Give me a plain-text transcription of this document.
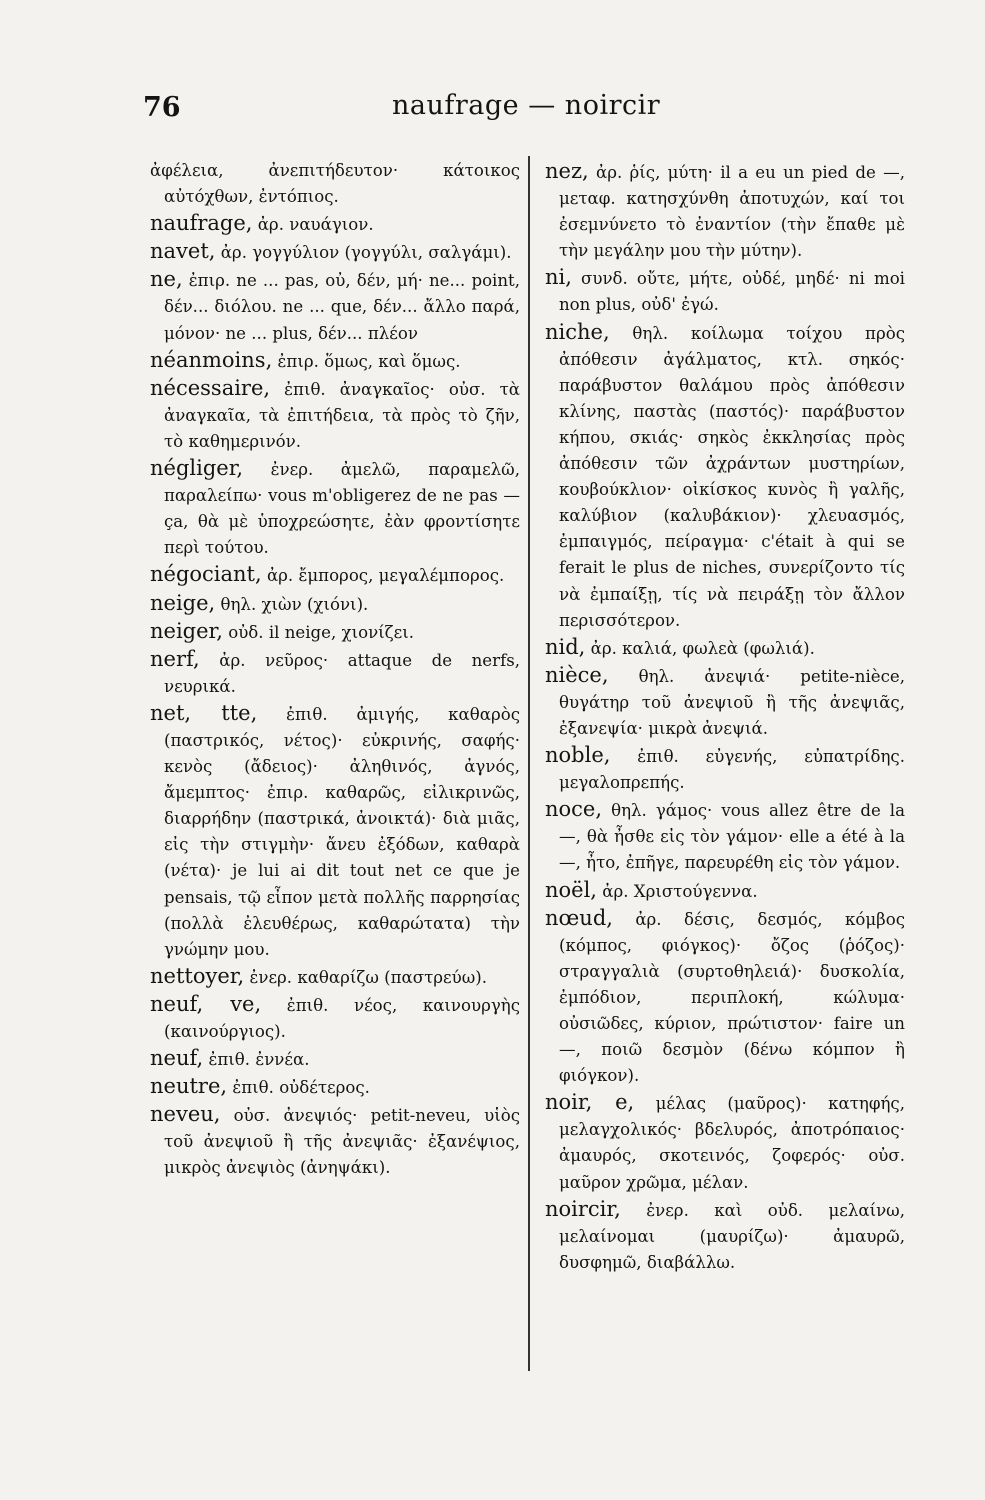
76	naufrage — noircir
ἀφέλεια, ἀνεπιτήδευτον· κάτοικος αὐτόχθων, ἐντόπιος.
naufrage, ἀρ. ναυάγιον.
navet, ἀρ. γογγύλιον (γογγύλι, σαλγάμι).
ne, ἐπιρ. ne ... pas, οὐ, δέν, μή· ne... point, δέν... διόλου. ne ... que, δέν... ἄλλο παρά, μόνον· ne ... plus, δέν... πλέον
néanmoins, ἐπιρ. ὅμως, καὶ ὅμως.
nécessaire, ἐπιθ. ἀναγκαῖος· οὐσ. τὰ ἀναγκαῖα, τὰ ἐπιτήδεια, τὰ πρὸς τὸ ζῆν, τὸ καθημερινόν.
négliger, ἐνερ. ἀμελῶ, παραμελῶ, παραλείπω· vous m'obligerez de ne pas — ça, θὰ μὲ ὑποχρεώσητε, ἐὰν φροντίσητε περὶ τούτου.
négociant, ἀρ. ἔμπορος, μεγαλέμπορος.
neige, θηλ. χιὼν (χιόνι).
neiger, οὐδ. il neige, χιονίζει.
nerf, ἀρ. νεῦρος· attaque de nerfs, νευρικά.
net, tte, ἐπιθ. ἀμιγής, καθαρὸς (παστρικός, νέτος)· εὐκρινής, σαφής· κενὸς (ἄδειος)· ἀληθινός, ἀγνός, ἄμεμπτος· ἐπιρ. καθαρῶς, εἰλικρινῶς, διαρρήδην (παστρικά, ἀνοικτά)· διὰ μιᾶς, εἰς τὴν στιγμὴν· ἄνευ ἐξόδων, καθαρὰ (νέτα)· je lui ai dit tout net ce que je pensais, τῷ εἶπον μετὰ πολλῆς παρρησίας (πολλὰ ἐλευθέρως, καθαρώτατα) τὴν γνώμην μου.
nettoyer, ἐνερ. καθαρίζω (παστρεύω).
neuf, ve, ἐπιθ. νέος, καινουργὴς (καινούργιος).
neuf, ἐπιθ. ἐννέα.
neutre, ἐπιθ. οὐδέτερος.
neveu, οὐσ. ἀνεψιός· petit-neveu, υἱὸς τοῦ ἀνεψιοῦ ἢ τῆς ἀνεψιᾶς· ἐξανέψιος, μικρὸς ἀνεψιὸς (ἀνηψάκι).
nez, ἀρ. ῥίς, μύτη· il a eu un pied de —, μεταφ. κατησχύνθη ἀποτυχών, καί τοι ἐσεμνύνετο τὸ ἐναντίον (τὴν ἔπαθε μὲ τὴν μεγάλην μου τὴν μύτην).
ni, συνδ. οὔτε, μήτε, οὐδέ, μηδέ· ni moi non plus, οὐδ' ἐγώ.
niche, θηλ. κοίλωμα τοίχου πρὸς ἀπόθεσιν ἀγάλματος, κτλ. σηκός· παράβυστον θαλάμου πρὸς ἀπόθεσιν κλίνης, παστὰς (παστός)· παράβυστον κήπου, σκιάς· σηκὸς ἐκκλησίας πρὸς ἀπόθεσιν τῶν ἀχράντων μυστηρίων, κουβούκλιον· οἰκίσκος κυνὸς ἢ γαλῆς, καλύβιον (καλυβάκιον)· χλευασμός, ἐμπαιγμός, πείραγμα· c'était à qui se ferait le plus de niches, συνερίζοντο τίς νὰ ἐμπαίξῃ, τίς νὰ πειράξῃ τὸν ἄλλον περισσότερον.
nid, ἀρ. καλιά, φωλεὰ (φωλιά).
nièce, θηλ. ἀνεψιά· petite-nièce, θυγάτηρ τοῦ ἀνεψιοῦ ἢ τῆς ἀνεψιᾶς, ἐξανεψία· μικρὰ ἀνεψιά.
noble, ἐπιθ. εὐγενής, εὐπατρίδης. μεγαλοπρεπής.
noce, θηλ. γάμος· vous allez être de la —, θὰ ἦσθε εἰς τὸν γάμον· elle a été à la —, ἦτο, ἐπῆγε, παρευρέθη εἰς τὸν γάμον.
noël, ἀρ. Χριστούγεννα.
nœud, ἀρ. δέσις, δεσμός, κόμβος (κόμπος, φιόγκος)· ὄζος (ῥόζος)· στραγγαλιὰ (συρτοθηλειά)· δυσκολία, ἐμπόδιον, περιπλοκή, κώλυμα· οὐσιῶδες, κύριον, πρώτιστον· faire un —, ποιῶ δεσμὸν (δένω κόμπον ἢ φιόγκον).
noir, e, μέλας (μαῦρος)· κατηφής, μελαγχολικός· βδελυρός, ἀποτρόπαιος· ἀμαυρός, σκοτεινός, ζοφερός· οὐσ. μαῦρον χρῶμα, μέλαν.
noircir, ἐνερ. καὶ οὐδ. μελαίνω, μελαίνομαι (μαυρίζω)· ἀμαυρῶ, δυσφημῶ, διαβάλλω.
